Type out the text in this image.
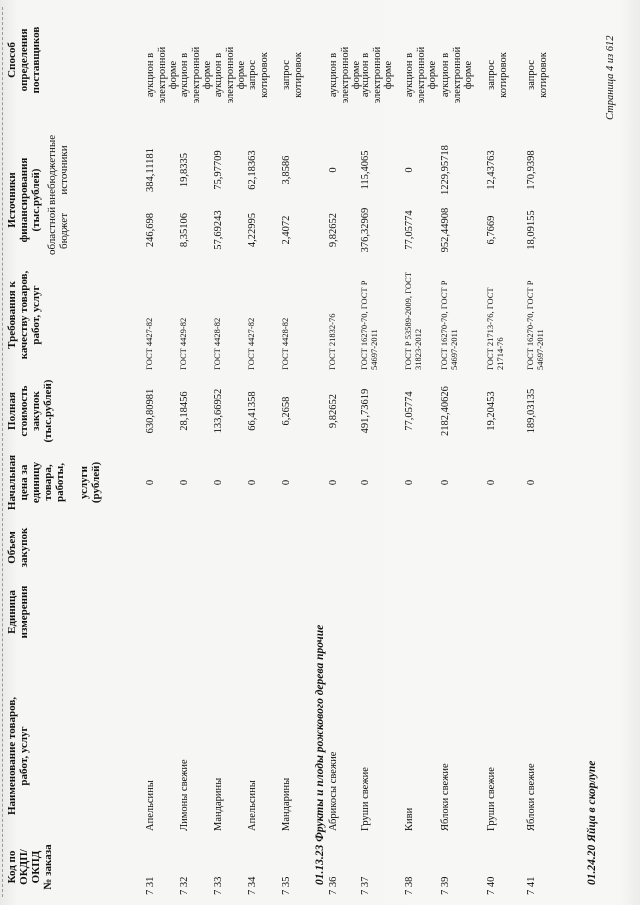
Код по
ОКДП/
ОКПД
№ заказа
Наименование товаров,
работ, услуг
Единица
измерения
Объем
закупок
Начальная
цена за
единицу
товара,
работы,

услуги
(рублей)
Полная
стоимость
закупок
(тыс.рублей)
Требования к
качеству товаров,
работ, услуг
Источники
финансирования
(тыс.рублей) областной
бюджет
внебюджетные
источники
Способ
определения
поставщиков
7 31
Апельсины
0
630,80981
ГОСТ 4427-82
246,698
384,11181
аукцион в
электронной
форме
7 32
Лимоны свежие
0
28,18456
ГОСТ 4429-82
8,35106
19,8335
аукцион в
электронной
форме
7 33
Мандарины
0
133,66952
ГОСТ 4428-82
57,69243
75,97709
аукцион в
электронной
форме
7 34
Апельсины
0
66,41358
ГОСТ 4427-82
4,22995
62,18363
запрос
котировок
7 35
Мандарины
0
6,2658
ГОСТ 4428-82
2,4072
3,8586
запрос
котировок
7 36
Абрикосы свежие
0
9,82652
ГОСТ 21832-76
9,82652
0
аукцион в
электронной
форме
7 37
Груши свежие
0
491,73619
ГОСТ 16270-70, ГОСТ Р
54697-2011
376,32969
115,4065
аукцион в
электронной
форме
7 38
Киви
0
77,05774
ГОСТ Р 53589-2009, ГОСТ
31823-2012
77,05774
0
аукцион в
электронной
форме
7 39
Яблоки свежие
0
2182,40626
ГОСТ 16270-70, ГОСТ Р
54697-2011
952,44908
1229,95718
аукцион в
электронной
форме
7 40
Груши свежие
0
19,20453
ГОСТ 21713-76, ГОСТ
21714-76
6,7669
12,43763
запрос
котировок
7 41
Яблоки свежие
0
189,03135
ГОСТ 16270-70, ГОСТ Р
54697-2011
18,09155
170,9398
запрос
котировок
01.13.23 Фрукты и плоды рожкового дерева прочие	01.24.20 Яйца в скорлупе
Страница 4 из 612
